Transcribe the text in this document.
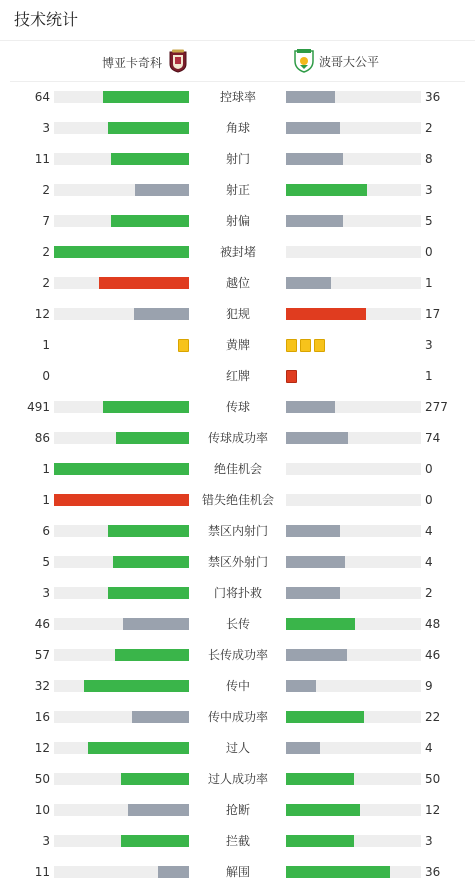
技术统计
博亚卡奇科	波哥大公平
64	控球率	36
3	角球	2
11	射门	8
2	射正	3
7	射偏	5
2	被封堵	0
2	越位	1
12	犯规	17
1	黄牌	3
0	红牌	1
491	传球	277
86	传球成功率	74
1	绝佳机会	0
1	错失绝佳机会	0
6	禁区内射门	4
5	禁区外射门	4
3	门将扑救	2
46	长传	48
57	长传成功率	46
32	传中	9
16	传中成功率	22
12	过人	4
50	过人成功率	50
10	抢断	12
3	拦截	3
11	解围	36
